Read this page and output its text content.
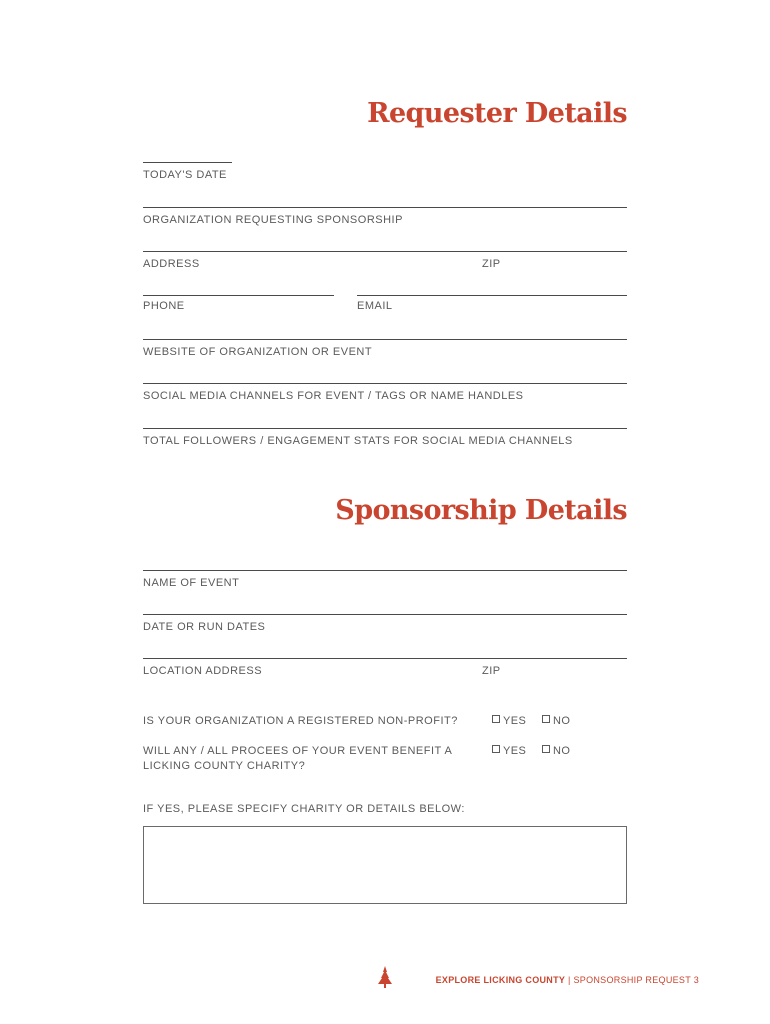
Requester Details
TODAY'S DATE
ORGANIZATION REQUESTING SPONSORSHIP
ADDRESS	ZIP
PHONE	EMAIL
WEBSITE OF ORGANIZATION OR EVENT
SOCIAL MEDIA CHANNELS FOR EVENT / TAGS OR NAME HANDLES
TOTAL FOLLOWERS / ENGAGEMENT STATS FOR SOCIAL MEDIA CHANNELS
Sponsorship Details
NAME OF EVENT
DATE OR RUN DATES
LOCATION ADDRESS	ZIP
IS YOUR ORGANIZATION A REGISTERED NON-PROFIT?	YES	NO
WILL ANY / ALL PROCEES OF YOUR EVENT BENEFIT A LICKING COUNTY CHARITY?
YES	NO
IF YES, PLEASE SPECIFY CHARITY OR DETAILS BELOW:
EXPLORE LICKING COUNTY | SPONSORSHIP REQUEST 3
